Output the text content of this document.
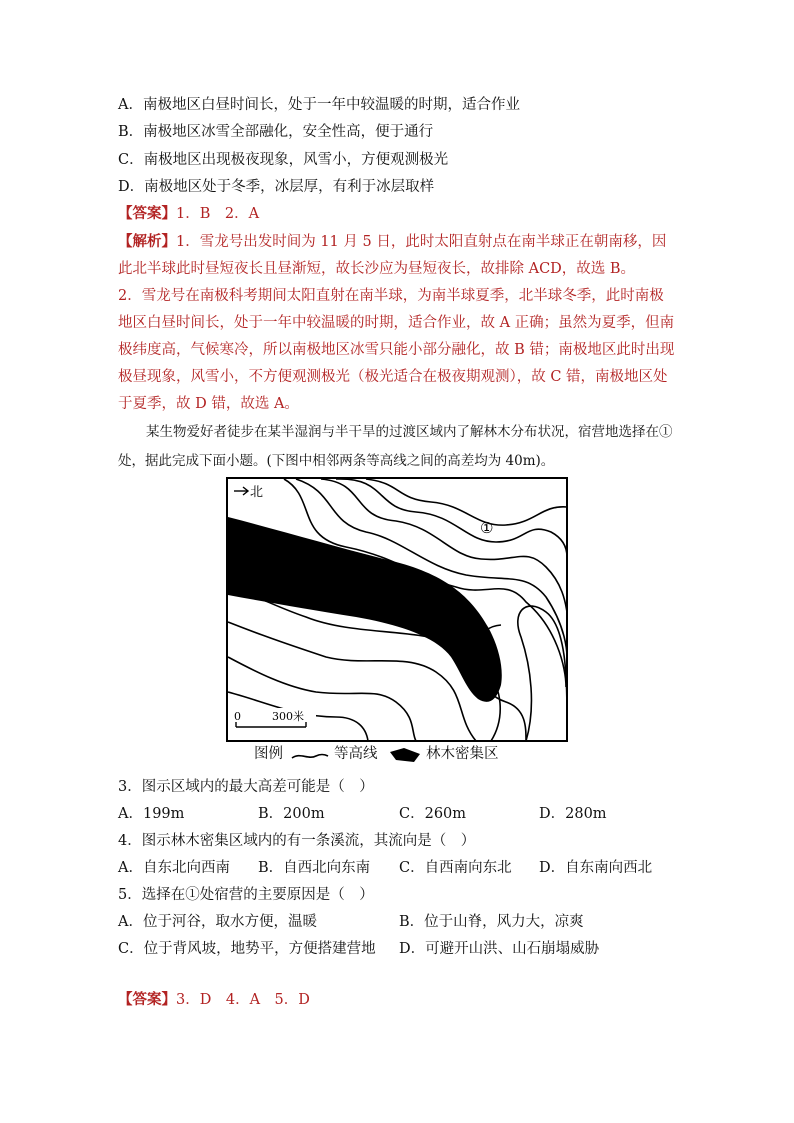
A．南极地区白昼时间长，处于一年中较温暖的时期，适合作业
B．南极地区冰雪全部融化，安全性高，便于通行
C．南极地区出现极夜现象，风雪小，方便观测极光
D．南极地区处于冬季，冰层厚，有利于冰层取样
【答案】1．B　2．A
【解析】1．雪龙号出发时间为 11 月 5 日，此时太阳直射点在南半球正在朝南移，因此北半球此时昼短夜长且昼渐短，故长沙应为昼短夜长，故排除 ACD，故选 B。
2．雪龙号在南极科考期间太阳直射在南半球，为南半球夏季，北半球冬季，此时南极地区白昼时间长，处于一年中较温暖的时期，适合作业，故 A 正确；虽然为夏季，但南极纬度高，气候寒冷，所以南极地区冰雪只能小部分融化，故 B 错；南极地区此时出现极昼现象，风雪小，不方便观测极光（极光适合在极夜期观测），故 C 错，南极地区处于夏季，故 D 错，故选 A。
某生物爱好者徒步在某半湿润与半干旱的过渡区域内了解林木分布状况，宿营地选择在①处，据此完成下面小题。(下图中相邻两条等高线之间的高差均为 40m)。
北
①
0	300米
图例	等高线	林木密集区
3．图示区域内的最大高差可能是（　）
A．199m	B．200m	C．260m	D．280m
4．图示林木密集区域内的有一条溪流，其流向是（　）
A．自东北向西南 B．自西北向东南 C．自西南向东北 D．自东南向西北
5．选择在①处宿营的主要原因是（　）
A．位于河谷，取水方便，温暖	B．位于山脊，风力大，凉爽
C．位于背风坡，地势平，方便搭建营地 D．可避开山洪、山石崩塌威胁
【答案】3．D　4．A　5．D
